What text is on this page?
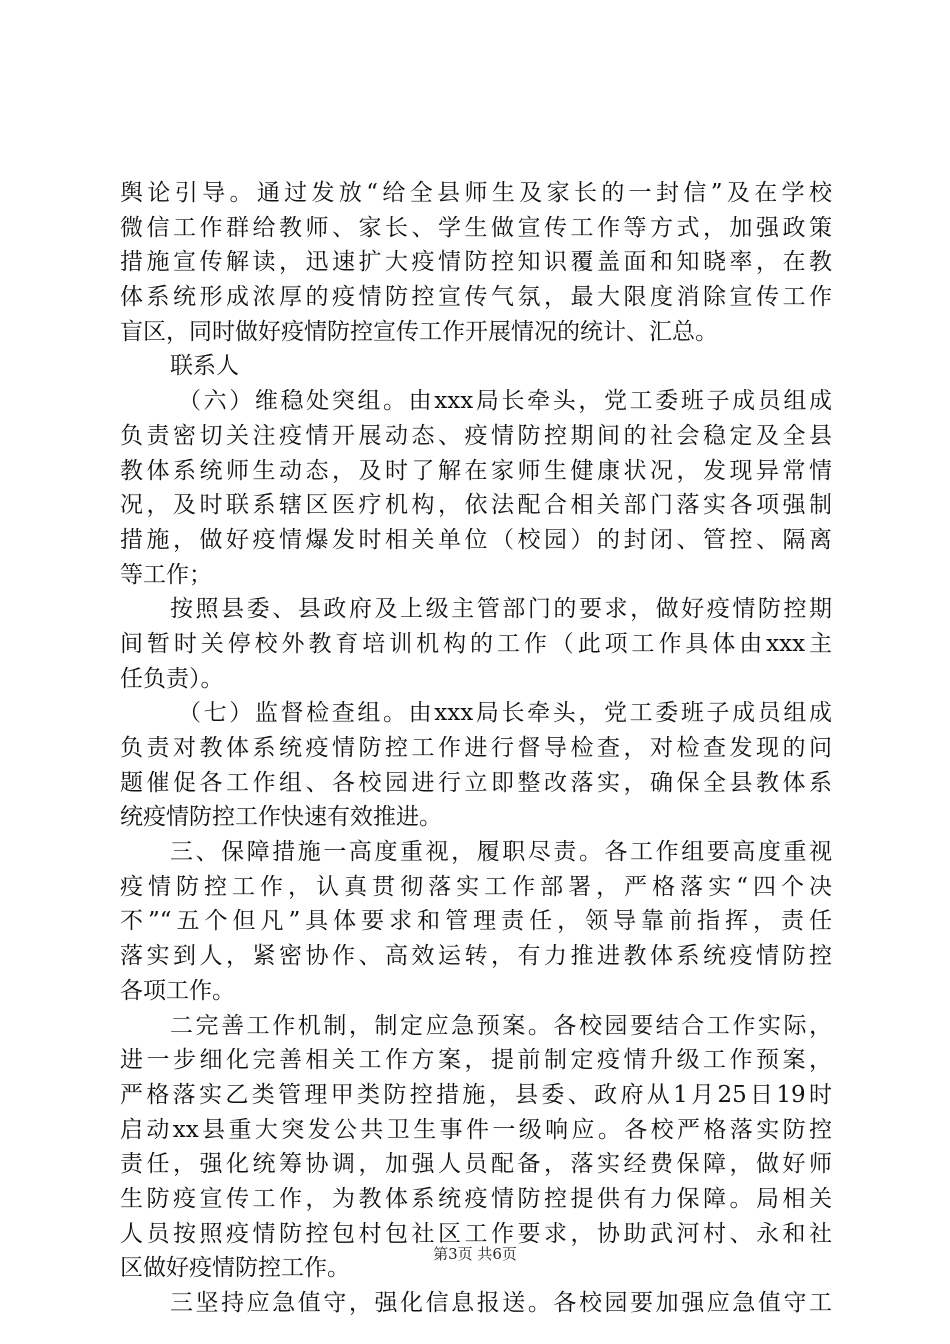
舆论引导。通过发放“给全县师生及家长的一封信”及在学校
微信工作群给教师、家长、学生做宣传工作等方式，加强政策
措施宣传解读，迅速扩大疫情防控知识覆盖面和知晓率，在教
体系统形成浓厚的疫情防控宣传气氛，最大限度消除宣传工作
盲区，同时做好疫情防控宣传工作开展情况的统计、汇总。
联系人
（六）维稳处突组。由xxx局长牵头，党工委班子成员组成
负责密切关注疫情开展动态、疫情防控期间的社会稳定及全县
教体系统师生动态，及时了解在家师生健康状况，发现异常情
况，及时联系辖区医疗机构，依法配合相关部门落实各项强制
措施，做好疫情爆发时相关单位（校园）的封闭、管控、隔离
等工作；
按照县委、县政府及上级主管部门的要求，做好疫情防控期
间暂时关停校外教育培训机构的工作（此项工作具体由xxx主
任负责）。
（七）监督检查组。由xxx局长牵头，党工委班子成员组成
负责对教体系统疫情防控工作进行督导检查，对检查发现的问
题催促各工作组、各校园进行立即整改落实，确保全县教体系
统疫情防控工作快速有效推进。
三、保障措施一高度重视，履职尽责。各工作组要高度重视
疫情防控工作，认真贯彻落实工作部署，严格落实“四个决
不”“五个但凡”具体要求和管理责任，领导靠前指挥，责任
落实到人，紧密协作、高效运转，有力推进教体系统疫情防控
各项工作。
二完善工作机制，制定应急预案。各校园要结合工作实际，
进一步细化完善相关工作方案，提前制定疫情升级工作预案，
严格落实乙类管理甲类防控措施，县委、政府从1月25日19时
启动xx县重大突发公共卫生事件一级响应。各校严格落实防控
责任，强化统筹协调，加强人员配备，落实经费保障，做好师
生防疫宣传工作，为教体系统疫情防控提供有力保障。局相关
人员按照疫情防控包村包社区工作要求，协助武河村、永和社
区做好疫情防控工作。
三坚持应急值守，强化信息报送。各校园要加强应急值守工
第3页 共6页
